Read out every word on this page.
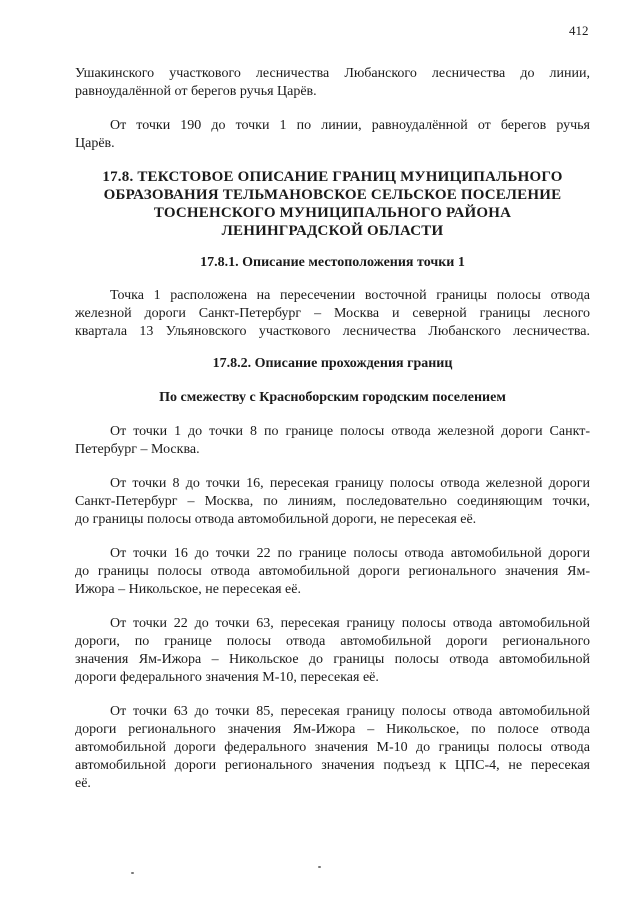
412
Ушакинского участкового лесничества Любанского лесничества до линии,
равноудалённой от берегов ручья Царёв.
От точки 190 до точки 1 по линии, равноудалённой от берегов ручья
Царёв.
17.8. ТЕКСТОВОЕ ОПИСАНИЕ ГРАНИЦ МУНИЦИПАЛЬНОГО
ОБРАЗОВАНИЯ ТЕЛЬМАНОВСКОЕ СЕЛЬСКОЕ ПОСЕЛЕНИЕ
ТОСНЕНСКОГО МУНИЦИПАЛЬНОГО РАЙОНА
ЛЕНИНГРАДСКОЙ ОБЛАСТИ
17.8.1. Описание местоположения точки 1
Точка 1 расположена на пересечении восточной границы полосы отвода
железной дороги Санкт-Петербург – Москва и северной границы лесного
квартала 13 Ульяновского участкового лесничества Любанского лесничества.
17.8.2. Описание прохождения границ
По смежеству с Красноборским городским поселением
От точки 1 до точки 8 по границе полосы отвода железной дороги Санкт-
Петербург – Москва.
От точки 8 до точки 16, пересекая границу полосы отвода железной дороги
Санкт-Петербург – Москва, по линиям, последовательно соединяющим точки,
до границы полосы отвода автомобильной дороги, не пересекая её.
От точки 16 до точки 22 по границе полосы отвода автомобильной дороги
до границы полосы отвода автомобильной дороги регионального значения Ям-
Ижора – Никольское, не пересекая её.
От точки 22 до точки 63, пересекая границу полосы отвода автомобильной
дороги, по границе полосы отвода автомобильной дороги регионального
значения Ям-Ижора – Никольское до границы полосы отвода автомобильной
дороги федерального значения М-10, пересекая её.
От точки 63 до точки 85, пересекая границу полосы отвода автомобильной
дороги регионального значения Ям-Ижора – Никольское, по полосе отвода
автомобильной дороги федерального значения М-10 до границы полосы отвода
автомобильной дороги регионального значения подъезд к ЦПС-4, не пересекая
её.
